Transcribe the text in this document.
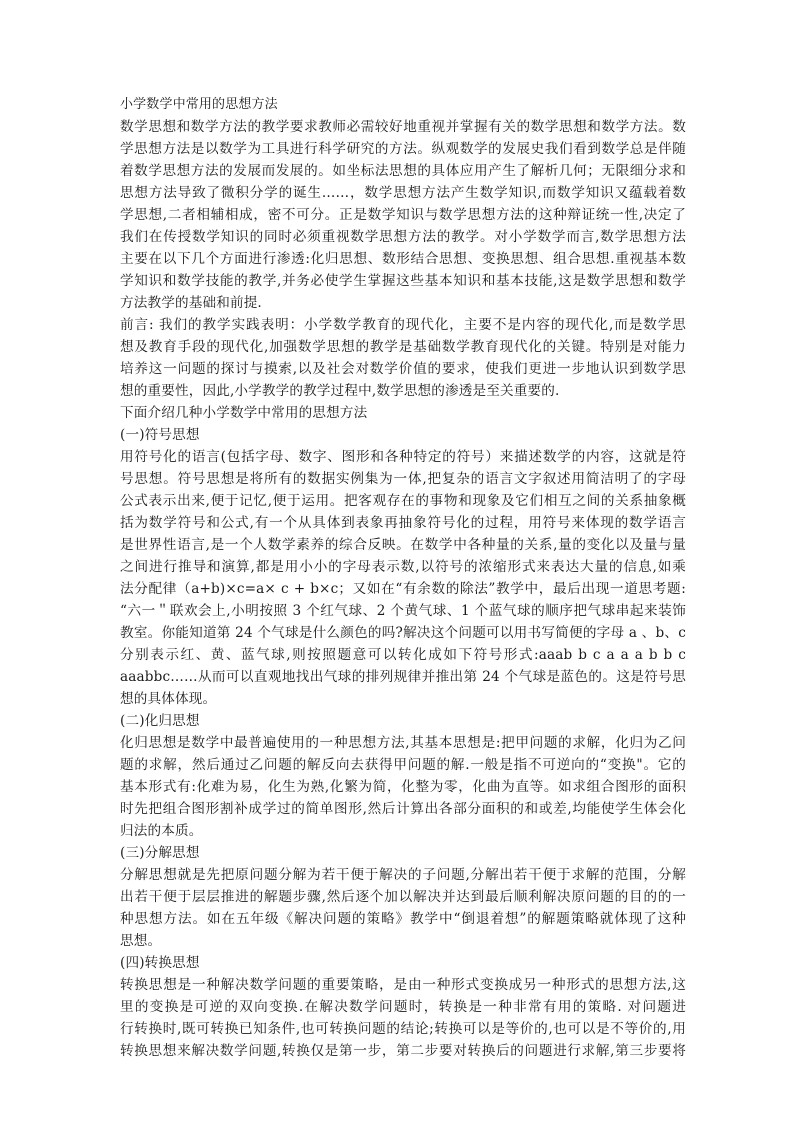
小学数学中常用的思想方法
数学思想和数学方法的教学要求教师必需较好地重视并掌握有关的数学思想和数学方法。数
学思想方法是以数学为工具进行科学研究的方法。纵观数学的发展史我们看到数学总是伴随
着数学思想方法的发展而发展的。如坐标法思想的具体应用产生了解析几何；无限细分求和
思想方法导致了微积分学的诞生……，数学思想方法产生数学知识,而数学知识又蕴载着数
学思想,二者相辅相成，密不可分。正是数学知识与数学思想方法的这种辩证统一性,决定了
我们在传授数学知识的同时必须重视数学思想方法的教学。对小学数学而言,数学思想方法
主要在以下几个方面进行渗透:化归思想、数形结合思想、变换思想、组合思想.重视基本数
学知识和数学技能的教学,并务必使学生掌握这些基本知识和基本技能,这是数学思想和数学
方法教学的基础和前提.
前言: 我们的教学实践表明：小学数学教育的现代化，主要不是内容的现代化,而是数学思
想及教育手段的现代化,加强数学思想的教学是基础数学教育现代化的关键。特别是对能力
培养这一问题的探讨与摸索,以及社会对数学价值的要求，使我们更进一步地认识到数学思
想的重要性，因此,小学教学的教学过程中,数学思想的渗透是至关重要的.
下面介绍几种小学数学中常用的思想方法
(一)符号思想
用符号化的语言(包括字母、数字、图形和各种特定的符号）来描述数学的内容，这就是符
号思想。符号思想是将所有的数据实例集为一体,把复杂的语言文字叙述用简洁明了的字母
公式表示出来,便于记忆,便于运用。把客观存在的事物和现象及它们相互之间的关系抽象概
括为数学符号和公式,有一个从具体到表象再抽象符号化的过程，用符号来体现的数学语言
是世界性语言,是一个人数学素养的综合反映。在数学中各种量的关系,量的变化以及量与量
之间进行推导和演算,都是用小小的字母表示数,以符号的浓缩形式来表达大量的信息,如乘
法分配律（a+b)×c=a× c + b×c；又如在“有余数的除法”教学中，最后出现一道思考题:
“六一＂联欢会上,小明按照 3 个红气球、2 个黄气球、1 个蓝气球的顺序把气球串起来装饰
教室。你能知道第 24 个气球是什么颜色的吗?解决这个问题可以用书写简便的字母 a 、b、c
分别表示红、黄、蓝气球,则按照题意可以转化成如下符号形式:aaab b c a a a b b c
aaabbc……从而可以直观地找出气球的排列规律并推出第 24 个气球是蓝色的。这是符号思
想的具体体现。
(二)化归思想
化归思想是数学中最普遍使用的一种思想方法,其基本思想是:把甲问题的求解，化归为乙问
题的求解，然后通过乙问题的解反向去获得甲问题的解.一般是指不可逆向的“变换"。它的
基本形式有:化难为易，化生为熟,化繁为简，化整为零，化曲为直等。如求组合图形的面积
时先把组合图形割补成学过的简单图形,然后计算出各部分面积的和或差,均能使学生体会化
归法的本质。
(三)分解思想
分解思想就是先把原问题分解为若干便于解决的子问题,分解出若干便于求解的范围，分解
出若干便于层层推进的解题步骤,然后逐个加以解决并达到最后顺利解决原问题的目的的一
种思想方法。如在五年级《解决问题的策略》教学中“倒退着想”的解题策略就体现了这种
思想。
(四)转换思想
转换思想是一种解决数学问题的重要策略，是由一种形式变换成另一种形式的思想方法,这
里的变换是可逆的双向变换.在解决数学问题时，转换是一种非常有用的策略. 对问题进
行转换时,既可转换已知条件,也可转换问题的结论;转换可以是等价的,也可以是不等价的,用
转换思想来解决数学问题,转换仅是第一步，第二步要对转换后的问题进行求解,第三步要将
